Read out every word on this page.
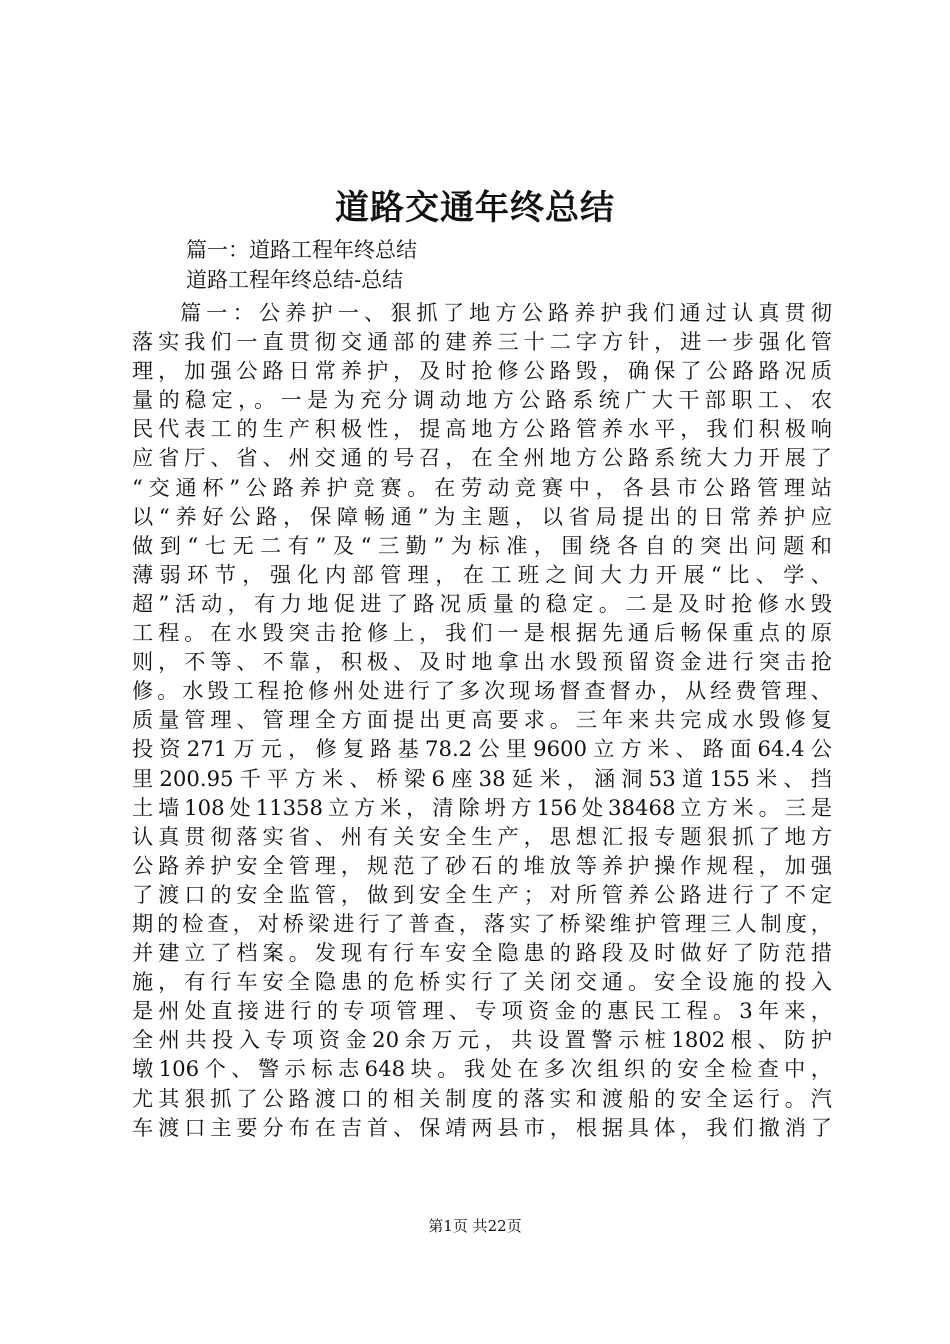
道路交通年终总结
篇一：道路工程年终总结
道路工程年终总结-总结
篇一：公养护一、狠抓了地方公路养护我们通过认真贯彻
落实我们一直贯彻交通部的建养三十二字方针，进一步强化管
理，加强公路日常养护，及时抢修公路毁，确保了公路路况质
量的稳定，。一是为充分调动地方公路系统广大干部职工、农
民代表工的生产积极性，提高地方公路管养水平，我们积极响
应省厅、省、州交通的号召，在全州地方公路系统大力开展了
“交通杯”公路养护竞赛。在劳动竞赛中，各县市公路管理站
以“养好公路，保障畅通”为主题，以省局提出的日常养护应
做到“七无二有”及“三勤”为标准，围绕各自的突出问题和
薄弱环节，强化内部管理，在工班之间大力开展“比、学、
超”活动，有力地促进了路况质量的稳定。二是及时抢修水毁
工程。在水毁突击抢修上，我们一是根据先通后畅保重点的原
则，不等、不靠，积极、及时地拿出水毁预留资金进行突击抢
修。水毁工程抢修州处进行了多次现场督查督办，从经费管理、
质量管理、管理全方面提出更高要求。三年来共完成水毁修复
投资271万元，修复路基78.2公里9600立方米、路面64.4公
里200.95千平方米、桥梁6座38延米，涵洞53道155米、挡
土墙108处11358立方米，清除坍方156处38468立方米。三是
认真贯彻落实省、州有关安全生产，思想汇报专题狠抓了地方
公路养护安全管理，规范了砂石的堆放等养护操作规程，加强
了渡口的安全监管，做到安全生产；对所管养公路进行了不定
期的检查，对桥梁进行了普查，落实了桥梁维护管理三人制度，
并建立了档案。发现有行车安全隐患的路段及时做好了防范措
施，有行车安全隐患的危桥实行了关闭交通。安全设施的投入
是州处直接进行的专项管理、专项资金的惠民工程。3年来，
全州共投入专项资金20余万元，共设置警示桩1802根、防护
墩106个、警示标志648块。我处在多次组织的安全检查中，
尤其狠抓了公路渡口的相关制度的落实和渡船的安全运行。汽
车渡口主要分布在吉首、保靖两县市，根据具体，我们撤消了
第1页 共22页
